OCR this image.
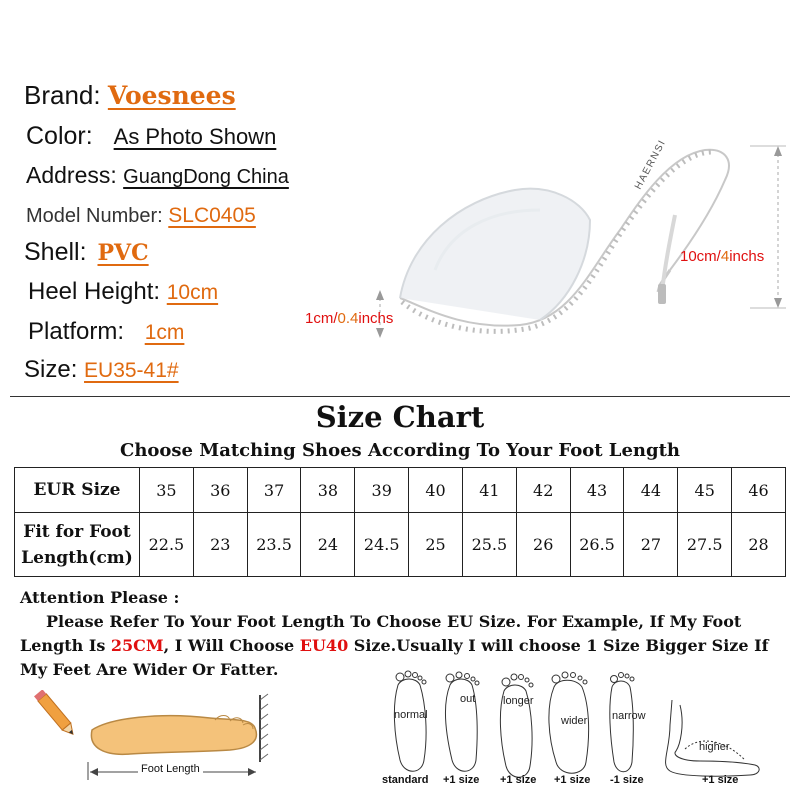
Brand: Voesnees
Color: As Photo Shown
Address: GuangDong China
Model Number: SLC0405
Shell: PVC
Heel Height: 10cm
Platform: 1cm
Size: EU35-41#
HAERNSI
10cm/4inchs
1cm/0.4inchs
Size Chart
Choose Matching Shoes According To Your Foot Length
EUR Size	35	36	37	38	39	40	41	42	43	44	45	46

Fit for Foot
Length(cm)	22.5	23	23.5	24	24.5	25	25.5	26	26.5	27	27.5	28
Attention Please :
Please Refer To Your Foot Length To Choose EU Size. For Example, If My Foot Length Is 25CM, I Will Choose EU40 Size.Usually I will choose 1 Size Bigger Size If My Feet Are Wider Or Fatter.
Foot Length
normal
out	longer
wider narrow
higher
standard +1 size +1 size +1 size -1 size	+1 size
